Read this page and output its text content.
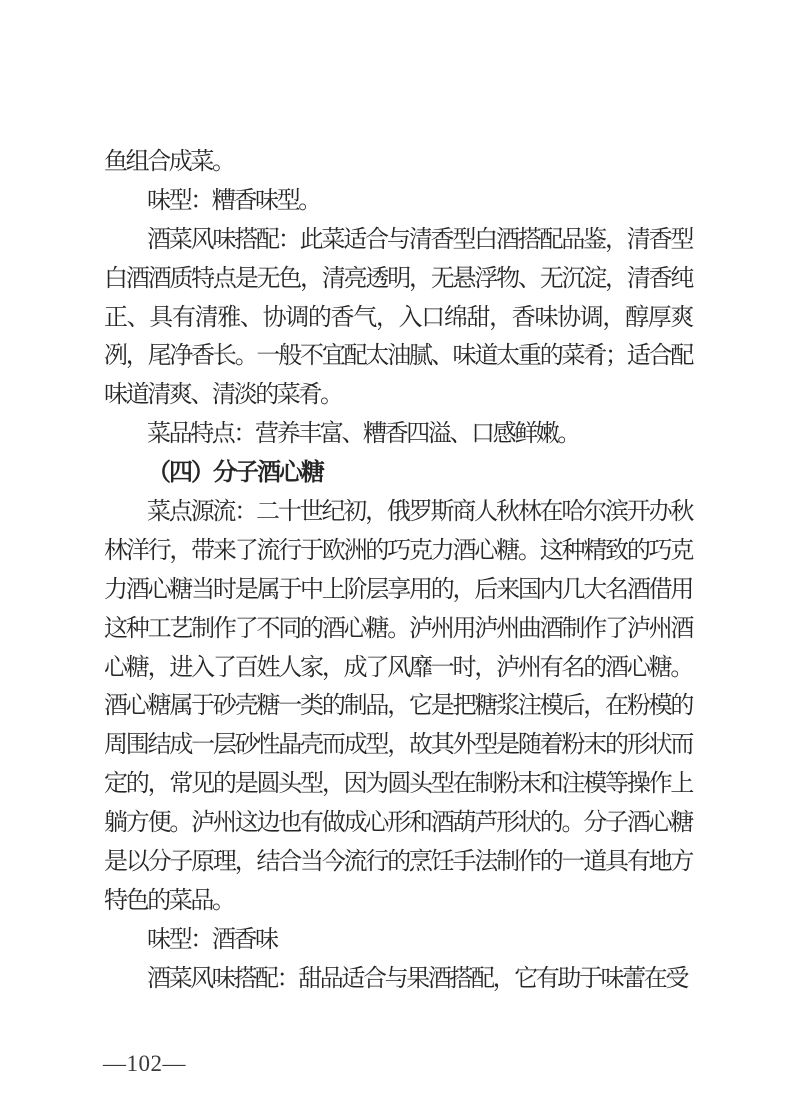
鱼组合成菜。
味型：糟香味型。
酒菜风味搭配：此菜适合与清香型白酒搭配品鉴，清香型
白酒酒质特点是无色，清亮透明，无悬浮物、无沉淀，清香纯
正、具有清雅、协调的香气，入口绵甜，香味协调，醇厚爽
冽，尾净香长。一般不宜配太油腻、味道太重的菜肴；适合配
味道清爽、清淡的菜肴。
菜品特点：营养丰富、糟香四溢、口感鲜嫩。
（四）分子酒心糖
菜点源流：二十世纪初，俄罗斯商人秋林在哈尔滨开办秋
林洋行，带来了流行于欧洲的巧克力酒心糖。这种精致的巧克
力酒心糖当时是属于中上阶层享用的，后来国内几大名酒借用
这种工艺制作了不同的酒心糖。泸州用泸州曲酒制作了泸州酒
心糖，进入了百姓人家，成了风靡一时，泸州有名的酒心糖。
酒心糖属于砂壳糖一类的制品，它是把糖浆注模后，在粉模的
周围结成一层砂性晶壳而成型，故其外型是随着粉末的形状而
定的，常见的是圆头型，因为圆头型在制粉末和注模等操作上
躺方便。泸州这边也有做成心形和酒葫芦形状的。分子酒心糖
是以分子原理，结合当今流行的烹饪手法制作的一道具有地方
特色的菜品。
味型：酒香味
酒菜风味搭配：甜品适合与果酒搭配，它有助于味蕾在受
—102—
